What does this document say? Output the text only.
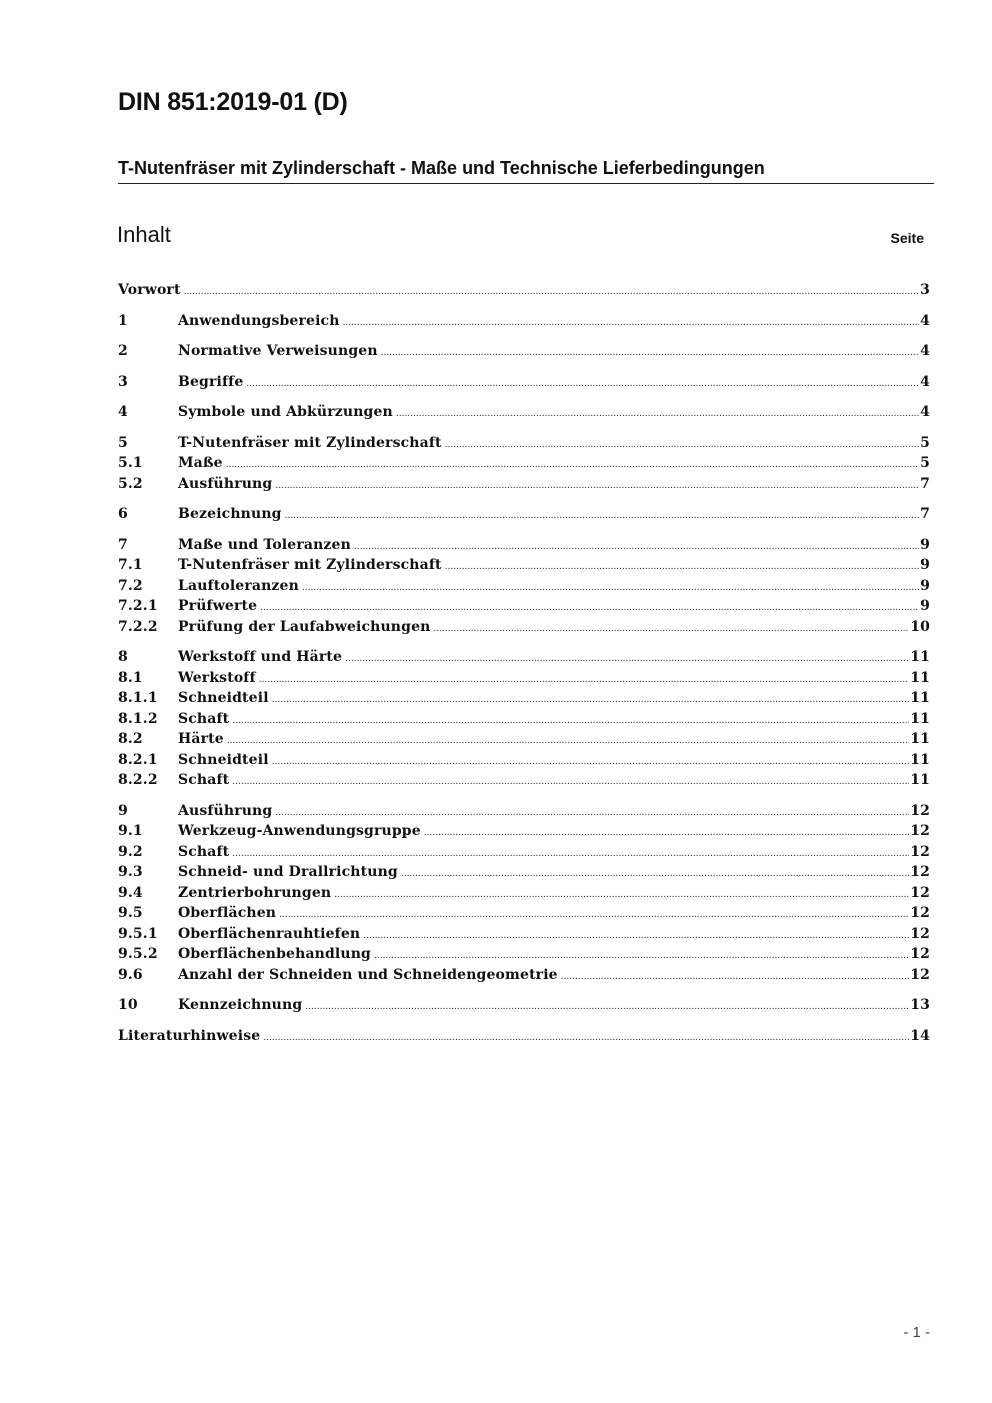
DIN 851:2019-01 (D)
T-Nutenfräser mit Zylinderschaft - Maße und Technische Lieferbedingungen
Inhalt	Seite
Vorwort .....	3
1	Anwendungsbereich .....	4
2	Normative Verweisungen .....	4
3	Begriffe .....	4
4	Symbole und Abkürzungen .....	4
5	T-Nutenfräser mit Zylinderschaft .....	5
5.1	Maße .....	5
5.2	Ausführung .....	7
6	Bezeichnung .....	7
7	Maße und Toleranzen .....	9
7.1	T-Nutenfräser mit Zylinderschaft .....	9
7.2	Lauftoleranzen .....	9
7.2.1	Prüfwerte .....	9
7.2.2	Prüfung der Laufabweichungen .....	10
8	Werkstoff und Härte .....	11
8.1	Werkstoff .....	11
8.1.1	Schneidteil .....	11
8.1.2	Schaft .....	11
8.2	Härte .....	11
8.2.1	Schneidteil .....	11
8.2.2	Schaft .....	11
9	Ausführung .....	12
9.1	Werkzeug-Anwendungsgruppe .....	12
9.2	Schaft .....	12
9.3	Schneid- und Drallrichtung .....	12
9.4	Zentrierbohrungen .....	12
9.5	Oberflächen .....	12
9.5.1	Oberflächenrauhtiefen .....	12
9.5.2	Oberflächenbehandlung .....	12
9.6	Anzahl der Schneiden und Schneidengeometrie .....	12
10	Kennzeichnung .....	13
Literaturhinweise .....	14
- 1 -
